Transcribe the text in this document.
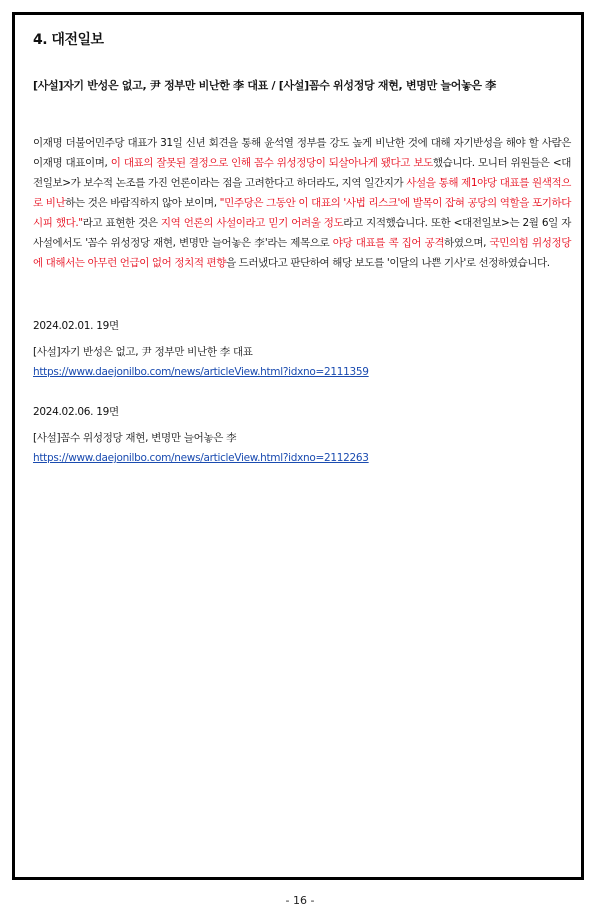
4. 대전일보
[사설]자기 반성은 없고, 尹 정부만 비난한 李 대표 / [사설]꼼수 위성정당 재현, 변명만 늘어놓은 李
이재명 더불어민주당 대표가 31일 신년 회견을 통해 윤석열 정부를 강도 높게 비난한 것에 대해 자기반성을 해야 할 사람은 이재명 대표이며, 이 대표의 잘못된 결정으로 인해 꼼수 위성정당이 되살아나게 됐다고 보도했습니다. 모니터 위원들은 <대전일보>가 보수적 논조를 가진 언론이라는 점을 고려한다고 하더라도, 지역 일간지가 사설을 통해 제1야당 대표를 원색적으로 비난하는 것은 바람직하지 않아 보이며, "민주당은 그동안 이 대표의 '사법 리스크'에 발목이 잡혀 공당의 역할을 포기하다시피 했다."라고 표현한 것은 지역 언론의 사설이라고 믿기 어려울 정도라고 지적했습니다. 또한 <대전일보>는 2월 6일 자 사설에서도 '꼼수 위성정당 재현, 변명만 늘어놓은 李'라는 제목으로 야당 대표를 콕 집어 공격하였으며, 국민의힘 위성정당에 대해서는 아무런 언급이 없어 정치적 편향을 드러냈다고 판단하여 해당 보도를 '이달의 나쁜 기사'로 선정하였습니다.
2024.02.01. 19면
[사설]자기 반성은 없고, 尹 정부만 비난한 李 대표
https://www.daejonilbo.com/news/articleView.html?idxno=2111359
2024.02.06. 19면
[사설]꼼수 위성정당 재현, 변명만 늘어놓은 李
https://www.daejonilbo.com/news/articleView.html?idxno=2112263
- 16 -
